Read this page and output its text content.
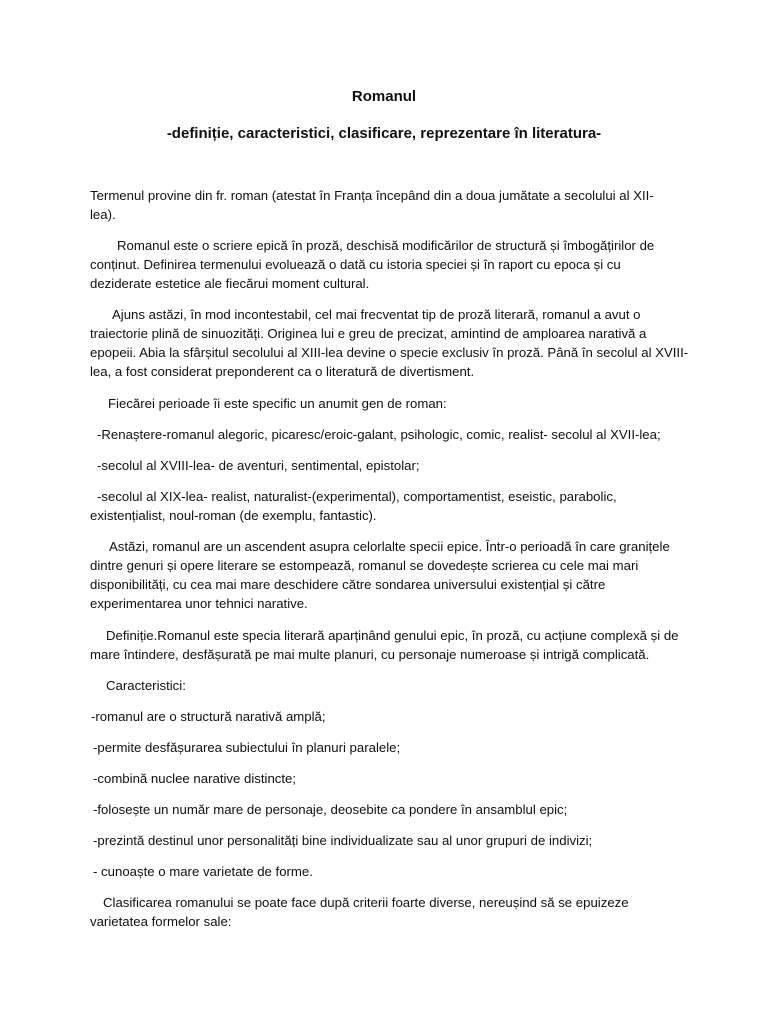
Romanul
-definiție, caracteristici, clasificare, reprezentare în literatura-
Termenul provine din fr. roman (atestat în Franța începând din a doua jumătate a secolului al XII-
lea).
Romanul este o scriere epică în proză, deschisă modificărilor de structură și îmbogățirilor de
conținut. Definirea termenului evoluează o dată cu istoria speciei și în raport cu epoca și cu
deziderate estetice ale fiecărui moment cultural.
Ajuns astăzi, în mod incontestabil, cel mai frecventat tip de proză literară, romanul a avut o
traiectorie plină de sinuozități. Originea lui e greu de precizat, amintind de amploarea narativă a
epopeii. Abia la sfârșitul secolului al XIII-lea devine o specie exclusiv în proză. Până în secolul al XVIII-
lea, a fost considerat preponderent ca o literatură de divertisment.
Fiecărei perioade îi este specific un anumit gen de roman:
-Renaștere-romanul alegoric, picaresc/eroic-galant, psihologic, comic, realist- secolul al XVII-lea;
-secolul al XVIII-lea- de aventuri, sentimental, epistolar;
-secolul al XIX-lea- realist, naturalist-(experimental), comportamentist, eseistic, parabolic,
existențialist, noul-roman (de exemplu, fantastic).
Astăzi, romanul are un ascendent asupra celorlalte specii epice. Într-o perioadă în care granițele
dintre genuri și opere literare se estompează, romanul se dovedește scrierea cu cele mai mari
disponibilități, cu cea mai mare deschidere către sondarea universului existențial și către
experimentarea unor tehnici narative.
Definiție.Romanul este specia literară aparținând genului epic, în proză, cu acțiune complexă și de
mare întindere, desfășurată pe mai multe planuri, cu personaje numeroase și intrigă complicată.
Caracteristici:
-romanul are o structură narativă amplă;
-permite desfășurarea subiectului în planuri paralele;
-combină nuclee narative distincte;
-folosește un număr mare de personaje, deosebite ca pondere în ansamblul epic;
-prezintă destinul unor personalități bine individualizate sau al unor grupuri de indivizi;
- cunoaște o mare varietate de forme.
Clasificarea romanului se poate face după criterii foarte diverse, nereușind să se epuizeze
varietatea formelor sale:
